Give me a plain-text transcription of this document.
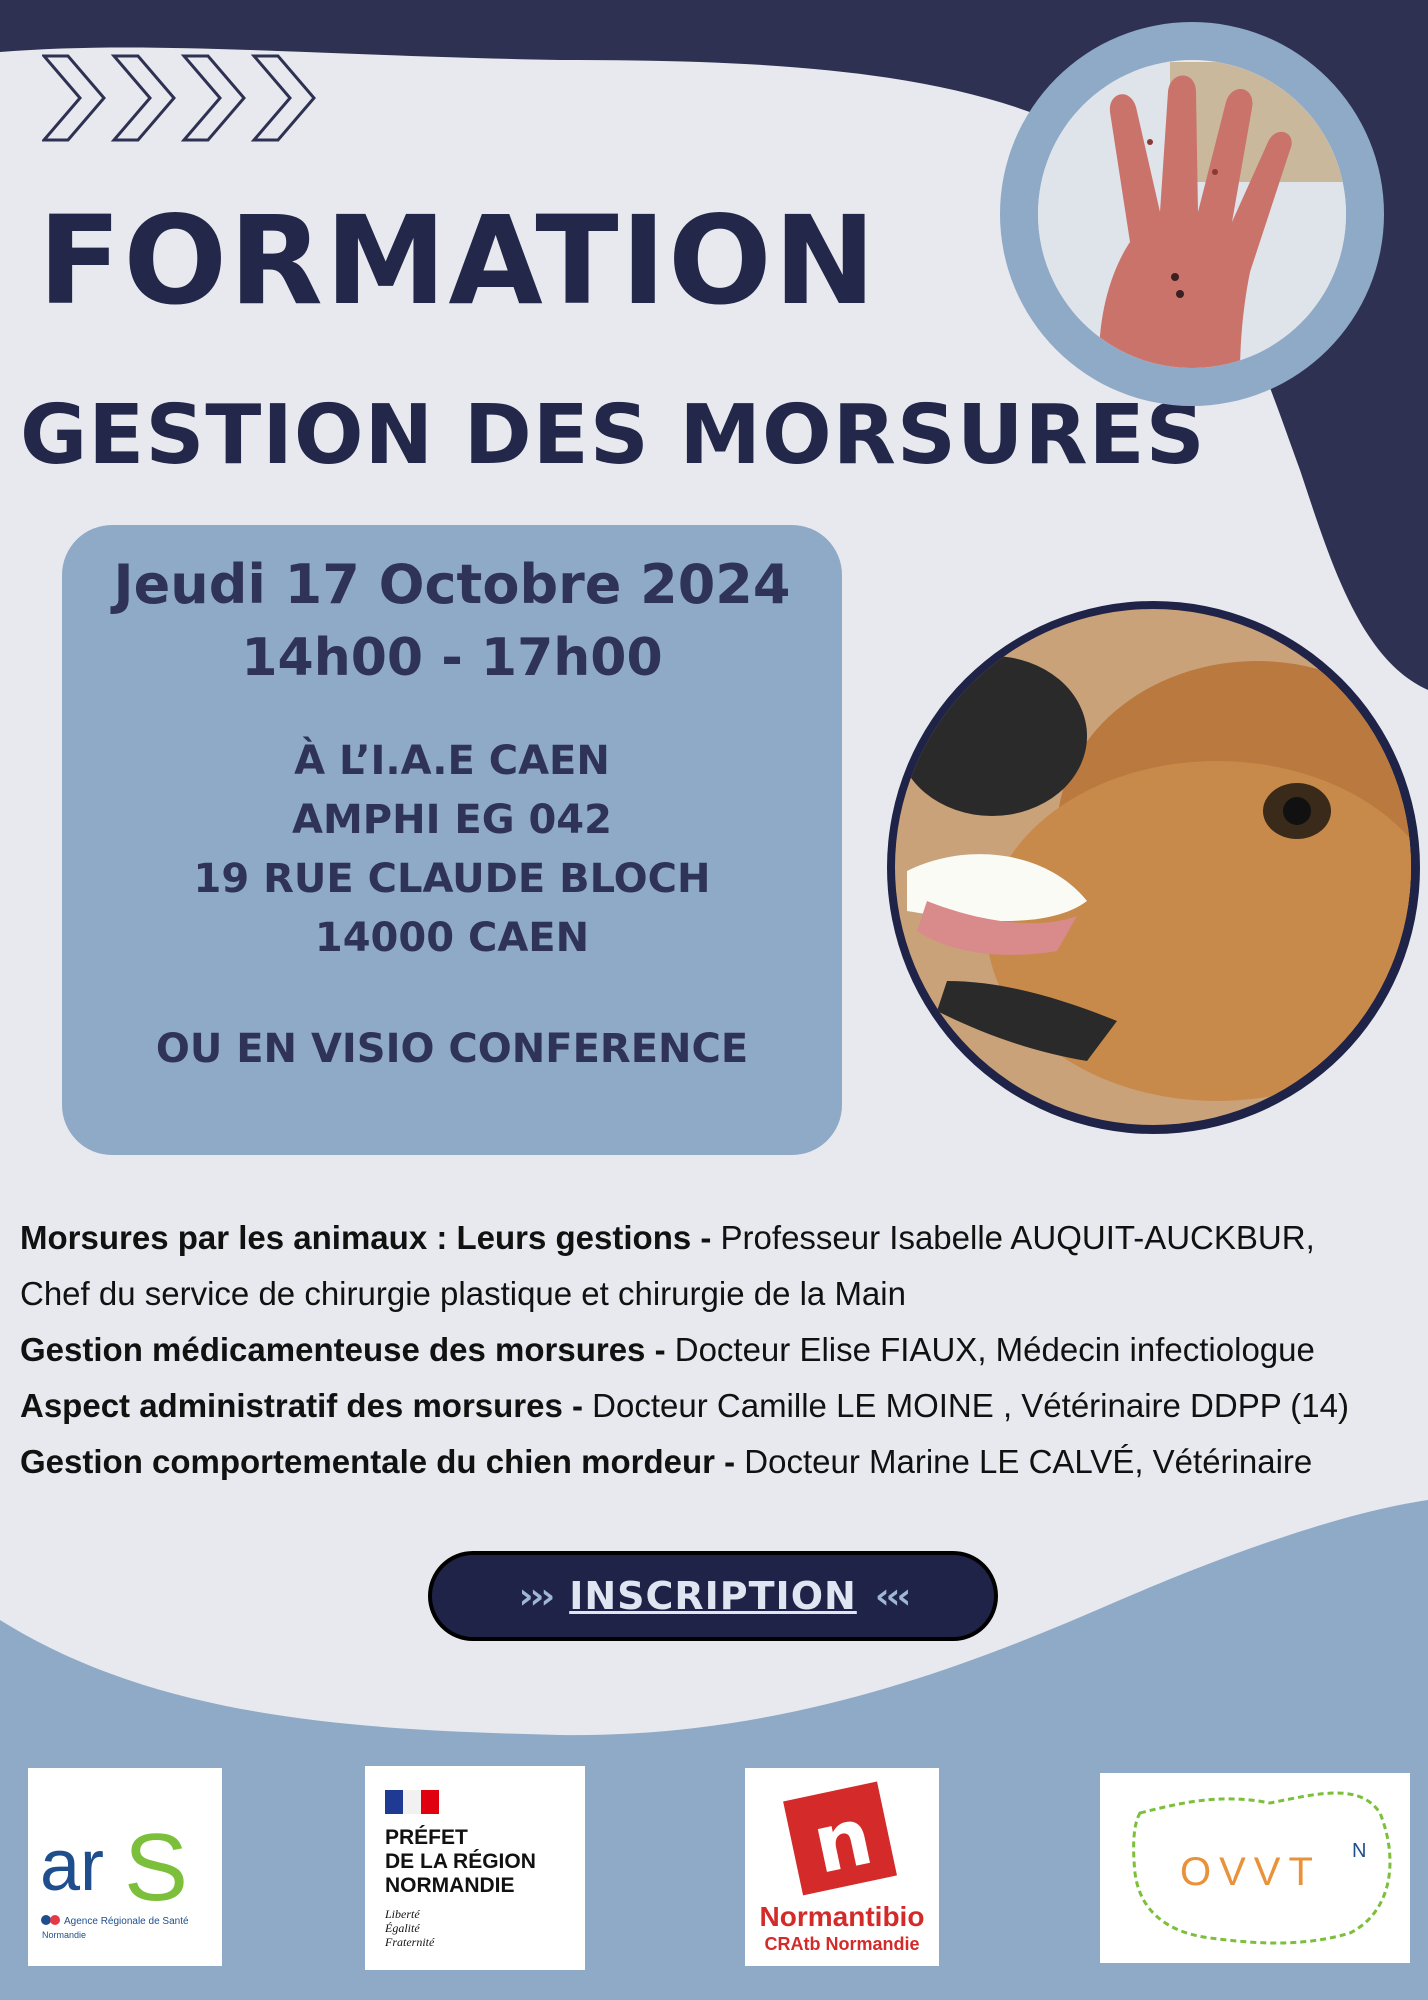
FORMATION
GESTION DES MORSURES
Jeudi 17 Octobre 2024
14h00 - 17h00
À L’I.A.E CAEN
AMPHI EG 042
19 RUE CLAUDE BLOCH
14000 CAEN
OU EN VISIO CONFERENCE
Morsures par les animaux : Leurs gestions - Professeur Isabelle AUQUIT-AUCKBUR,
Chef du service de chirurgie plastique et chirurgie de la Main
Gestion médicamenteuse des morsures - Docteur Elise FIAUX, Médecin infectiologue
Aspect administratif des morsures - Docteur Camille LE MOINE , Vétérinaire DDPP (14)
Gestion comportementale du chien mordeur - Docteur Marine LE CALVÉ, Vétérinaire
››› INSCRIPTION ‹‹‹
ar S
Agence Régionale de Santé
Normandie
PRÉFET
DE LA RÉGION
NORMANDIE
Liberté
Égalité
Fraternité
n
Normantibio
CRAtb Normandie
OVVT N
